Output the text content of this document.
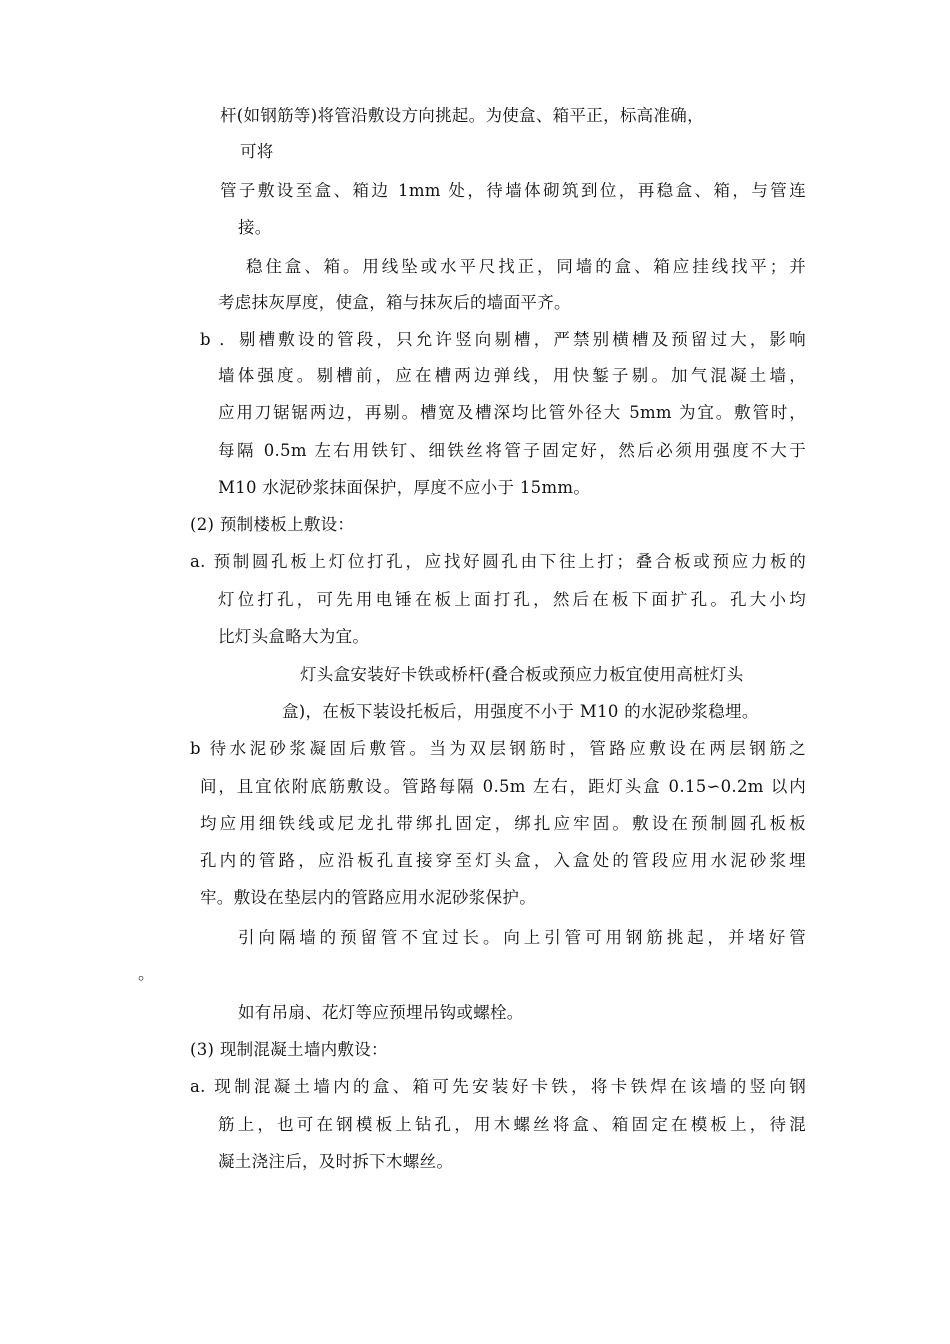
杆(如钢筋等)将管沿敷设方向挑起。为使盒、箱平正，标高准确，
可将
管子敷设至盒、箱边 1mm 处，待墙体砌筑到位，再稳盒、箱，与管连
接。
稳住盒、箱。用线坠或水平尺找正，同墙的盒、箱应挂线找平；并
考虑抹灰厚度，使盒，箱与抹灰后的墙面平齐。
b ．剔槽敷设的管段，只允许竖向剔槽，严禁别横槽及预留过大，影响
墙体强度。剔槽前，应在槽两边弹线，用快錾子剔。加气混凝土墙，
应用刀锯锯两边，再剔。槽宽及槽深均比管外径大 5mm 为宜。敷管时，
每隔 0.5m 左右用铁钉、细铁丝将管子固定好，然后必须用强度不大于
M10 水泥砂浆抹面保护，厚度不应小于 15mm。
(2) 预制楼板上敷设：
a. 预制圆孔板上灯位打孔，应找好圆孔由下往上打；叠合板或预应力板的
灯位打孔，可先用电锤在板上面打孔，然后在板下面扩孔。孔大小均
比灯头盒略大为宜。
灯头盒安装好卡铁或桥杆(叠合板或预应力板宜使用高桩灯头
盒)，在板下装设托板后，用强度不小于 M10 的水泥砂浆稳埋。
b 待水泥砂浆凝固后敷管。当为双层钢筋时，管路应敷设在两层钢筋之
间，且宜依附底筋敷设。管路每隔 0.5m 左右，距灯头盒 0.15∽0.2m 以内
均应用细铁线或尼龙扎带绑扎固定，绑扎应牢固。敷设在预制圆孔板板
孔内的管路，应沿板孔直接穿至灯头盒，入盒处的管段应用水泥砂浆埋
牢。敷设在垫层内的管路应用水泥砂浆保护。
引向隔墙的预留管不宜过长。向上引管可用钢筋挑起，并堵好管
。
如有吊扇、花灯等应预埋吊钩或螺栓。
(3) 现制混凝土墙内敷设：
a. 现制混凝土墙内的盒、箱可先安装好卡铁，将卡铁焊在该墙的竖向钢
筋上，也可在钢模板上钻孔，用木螺丝将盒、箱固定在模板上，待混
凝土浇注后，及时拆下木螺丝。
